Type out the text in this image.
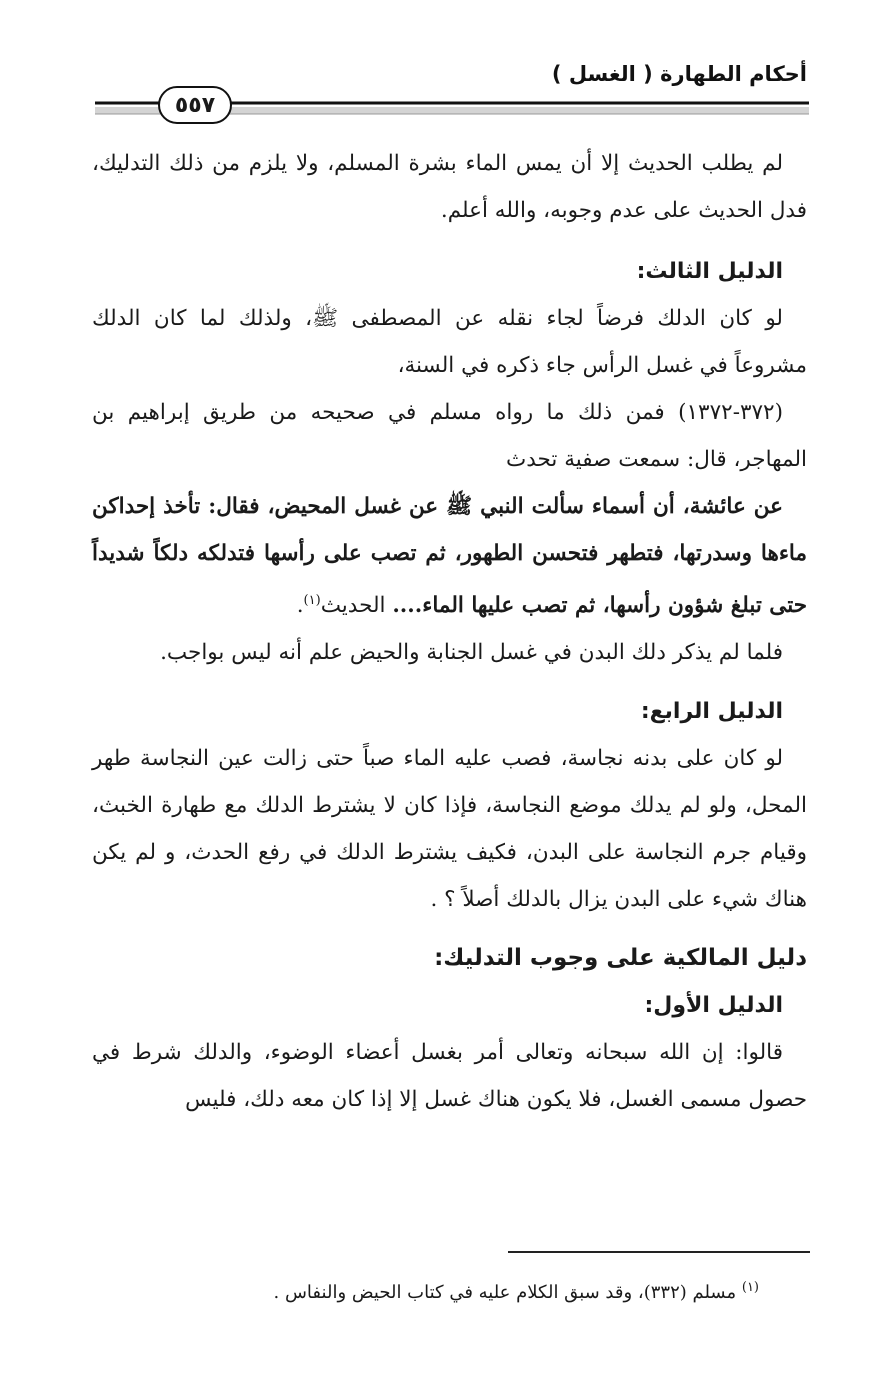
أحكام الطهارة ( الغسل )
٥٥٧

لم يطلب الحديث إلا أن يمس الماء بشرة المسلم، ولا يلزم من ذلك التدليك، فدل الحديث على عدم وجوبه، والله أعلم.

الدليل الثالث:

لو كان الدلك فرضاً لجاء نقله عن المصطفى ﷺ، ولذلك لما كان الدلك مشروعاً في غسل الرأس جاء ذكره في السنة،

(٣٧٢-١٣٧٢) فمن ذلك ما رواه مسلم في صحيحه من طريق إبراهيم بن المهاجر، قال: سمعت صفية تحدث

عن عائشة، أن أسماء سألت النبي ﷺ عن غسل المحيض، فقال: تأخذ إحداكن ماءها وسدرتها، فتطهر فتحسن الطهور، ثم تصب على رأسها فتدلكه دلكاً شديداً حتى تبلغ شؤون رأسها، ثم تصب عليها الماء.... الحديث$^{(١)}$.

فلما لم يذكر دلك البدن في غسل الجنابة والحيض علم أنه ليس بواجب.

الدليل الرابع:

لو كان على بدنه نجاسة، فصب عليه الماء صباً حتى زالت عين النجاسة طهر المحل، ولو لم يدلك موضع النجاسة، فإذا كان لا يشترط الدلك مع طهارة الخبث، وقيام جرم النجاسة على البدن، فكيف يشترط الدلك في رفع الحدث، و لم يكن هناك شيء على البدن يزال بالدلك أصلاً ؟ .

دليل المالكية على وجوب التدليك:

الدليل الأول:

قالوا: إن الله سبحانه وتعالى أمر بغسل أعضاء الوضوء، والدلك شرط في حصول مسمى الغسل، فلا يكون هناك غسل إلا إذا كان معه دلك، فليس

$^{(١)}$ مسلم (٣٣٢)، وقد سبق الكلام عليه في كتاب الحيض والنفاس .
